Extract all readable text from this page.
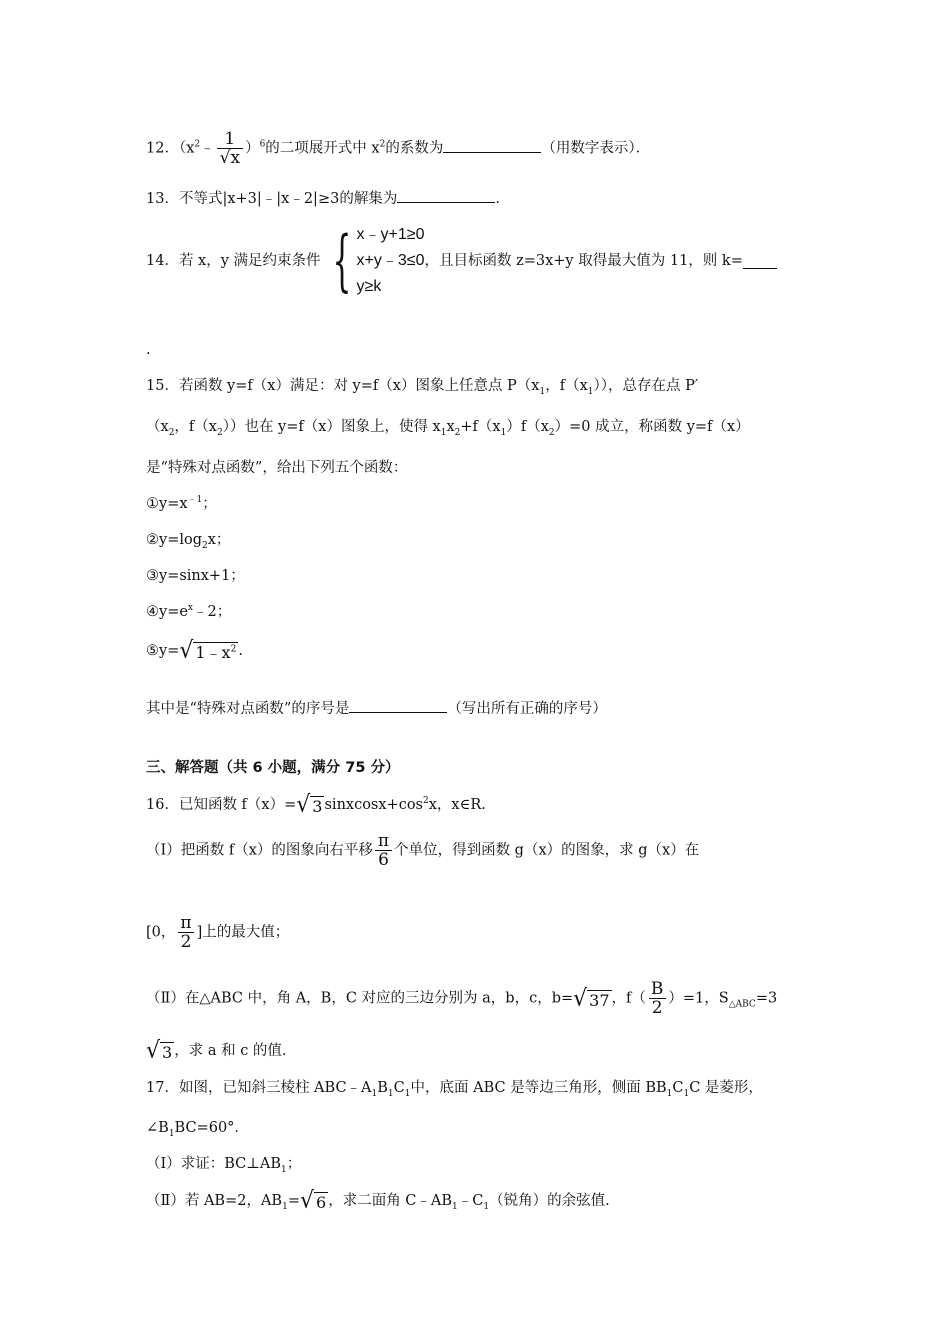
12．$(x^2﹣ \frac{1}{√x} )^6$的二项展开式中 $x^2$的系数为	（用数字表示）．
13．不等式|x+3|﹣|x﹣2|≥3的解集为	．
14．若 x，y 满足约束条件 { x﹣y+1≥0
x+y﹣3≤0
y≥k
，且目标函数 z=3x+y 取得最大值为 11，则 k=
.
15．若函数 y=f（x）满足：对 y=f（x）图象上任意点 $P(x_1$，$f(x_1)$），总存在点 P′
（$x_2$，$f(x_2)$）也在 y=f（x）图象上，使得 $x_1x_2+f(x_1)f(x_2)=0$ 成立，称函数 y=f（x）
是“特殊对点函数”，给出下列五个函数：
$①y=x^{﹣1}$；
$②y=\log_2x$；
③y=sinx+1；
$④y=e^x﹣2$；
⑤y= √ $1﹣x^2$ .
其中是“特殊对点函数”的序号是	（写出所有正确的序号）
三、解答题（共 6 小题，满分 75 分）
16．已知函数 f（x）= √ 3 $sinxcosx+\cos^2x$，x∈R.
（Ⅰ）把函数 f（x）的图象向右平移 $\frac{\pi}{6}$ 个单位，得到函数 g（x）的图象，求 g（x）在
[0， $\frac{\pi}{2}$ ]上的最大值；
（Ⅱ）在△ABC 中，角 A，B，C 对应的三边分别为 a，b，c，b= √ 37 ，$f( \frac{B}{2} )=1$，$S_{\triangle ABC}=3$
√ 3 ，求 a 和 c 的值.
17．如图，已知斜三棱柱 $ABC﹣A_1B_1C_1$中，底面 ABC 是等边三角形，侧面 $BB_1C_1C$ 是菱形，
$\angle B_1BC=60^\circ$．
（Ⅰ）求证：$BC\perp AB_1$；
（Ⅱ）若 AB=2，$AB_1=$ √ 6 ，求二面角 $C﹣AB_1﹣C_1$（锐角）的余弦值.
